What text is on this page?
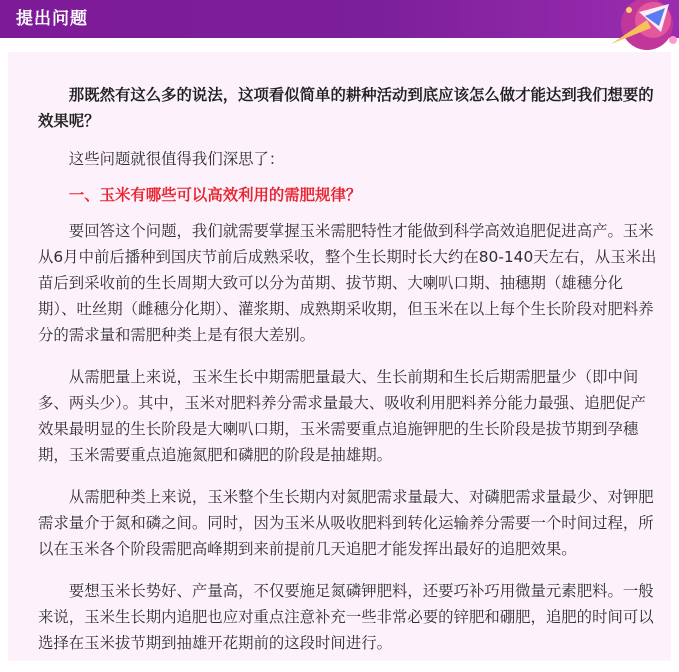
提出问题

那既然有这么多的说法，这项看似简单的耕种活动到底应该怎么做才能达到我们想要的效果呢？

这些问题就很值得我们深思了：

一、玉米有哪些可以高效利用的需肥规律？

要回答这个问题，我们就需要掌握玉米需肥特性才能做到科学高效追肥促进高产。玉米从6月中前后播种到国庆节前后成熟采收，整个生长期时长大约在80-140天左右，从玉米出苗后到采收前的生长周期大致可以分为苗期、拔节期、大喇叭口期、抽穗期（雄穗分化期）、吐丝期（雌穗分化期）、灌浆期、成熟期采收期，但玉米在以上每个生长阶段对肥料养分的需求量和需肥种类上是有很大差别。

从需肥量上来说，玉米生长中期需肥量最大、生长前期和生长后期需肥量少（即中间多、两头少）。其中，玉米对肥料养分需求量最大、吸收利用肥料养分能力最强、追肥促产效果最明显的生长阶段是大喇叭口期，玉米需要重点追施钾肥的生长阶段是拔节期到孕穗期，玉米需要重点追施氮肥和磷肥的阶段是抽雄期。

从需肥种类上来说，玉米整个生长期内对氮肥需求量最大、对磷肥需求量最少、对钾肥需求量介于氮和磷之间。同时，因为玉米从吸收肥料到转化运输养分需要一个时间过程，所以在玉米各个阶段需肥高峰期到来前提前几天追肥才能发挥出最好的追肥效果。

要想玉米长势好、产量高，不仅要施足氮磷钾肥料，还要巧补巧用微量元素肥料。一般来说，玉米生长期内追肥也应对重点注意补充一些非常必要的锌肥和硼肥，追肥的时间可以选择在玉米拔节期到抽雄开花期前的这段时间进行。
